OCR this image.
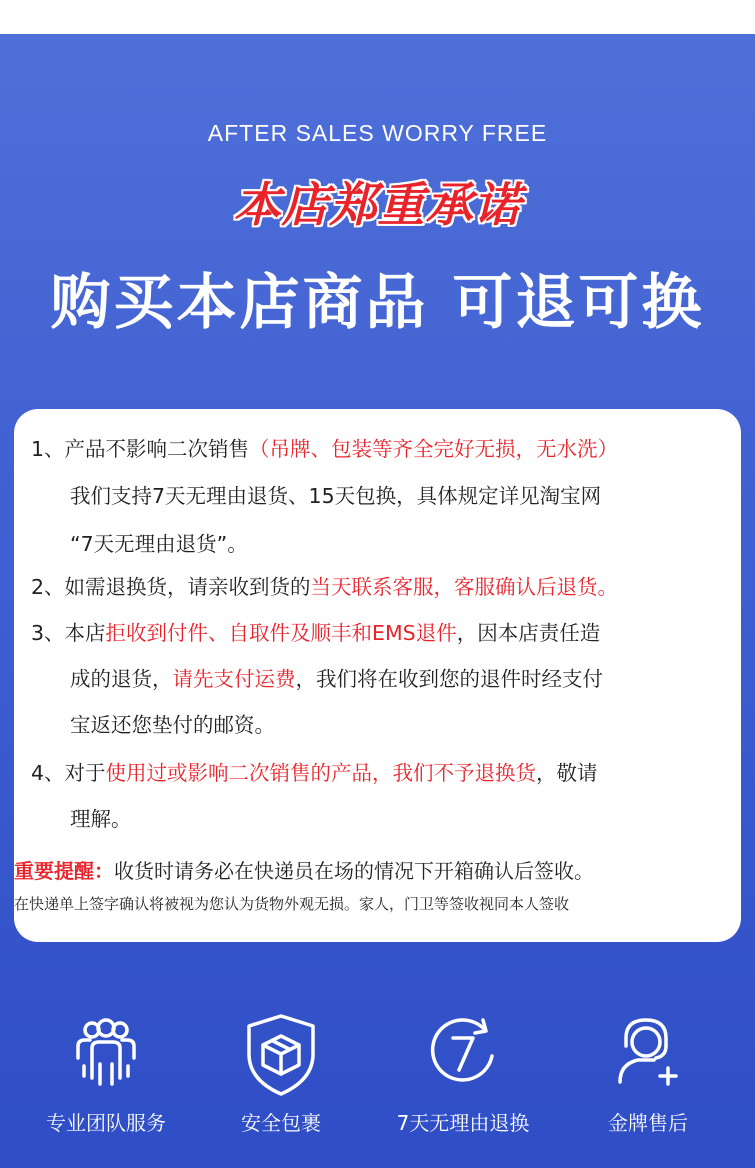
AFTER SALES WORRY FREE
本店郑重承诺
购买本店商品 可退可换
1、产品不影响二次销售（吊牌、包装等齐全完好无损，无水洗）
我们支持7天无理由退货、15天包换，具体规定详见淘宝网
“7天无理由退货”。
2、如需退换货，请亲收到货的当天联系客服，客服确认后退货。
3、本店拒收到付件、自取件及顺丰和EMS退件，因本店责任造
成的退货，请先支付运费，我们将在收到您的退件时经支付
宝返还您垫付的邮资。
4、对于使用过或影响二次销售的产品，我们不予退换货，敬请
理解。
重要提醒：收货时请务必在快递员在场的情况下开箱确认后签收。
在快递单上签字确认将被视为您认为货物外观无损。家人，门卫等签收视同本人签收
专业团队服务	安全包裹	7天无理由退换	金牌售后
